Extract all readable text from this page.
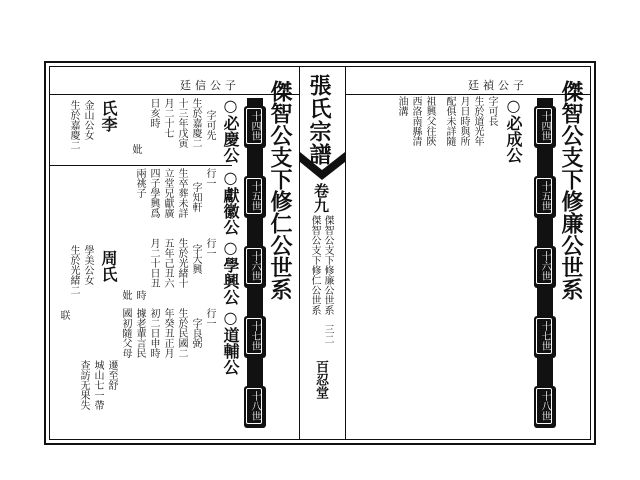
廷信公子	廷禎公子
張氏宗譜
卷九
傑智公支下修廉公世系
傑智公支下修仁公世系
三二
百忍堂
傑智公支下修廉公世系
十四世
十五世
十六世
十七世
十八世
○必成公
字可長
生於道光年
月日時與所
配俱未詳隨
祖興父往陝
西洛南縣清
油溝
傑智公支下修仁公世系
十四世
十五世
十六世
十七世
十八世
○必慶公
○獻徽公
○學興公
○道輔公
字可先
生於嘉慶二
十三年戊寅
月二十七
日亥時
妣
行一
字知軒
生卒葬未詳
立堂兄獻廣
四子學興爲
兩祧子
行一
字大興
生於光緒十
五年己丑六
月二十日丑
時
妣
行一
字良弼
生於民國二
年癸丑正月
初二日申時
據老輩言民
國初隨父母
氏李
金山公女
生於嘉慶二
周氏
學美公女
生於光緒二
遷至舒
城山七一帶
查訪无果失
联
